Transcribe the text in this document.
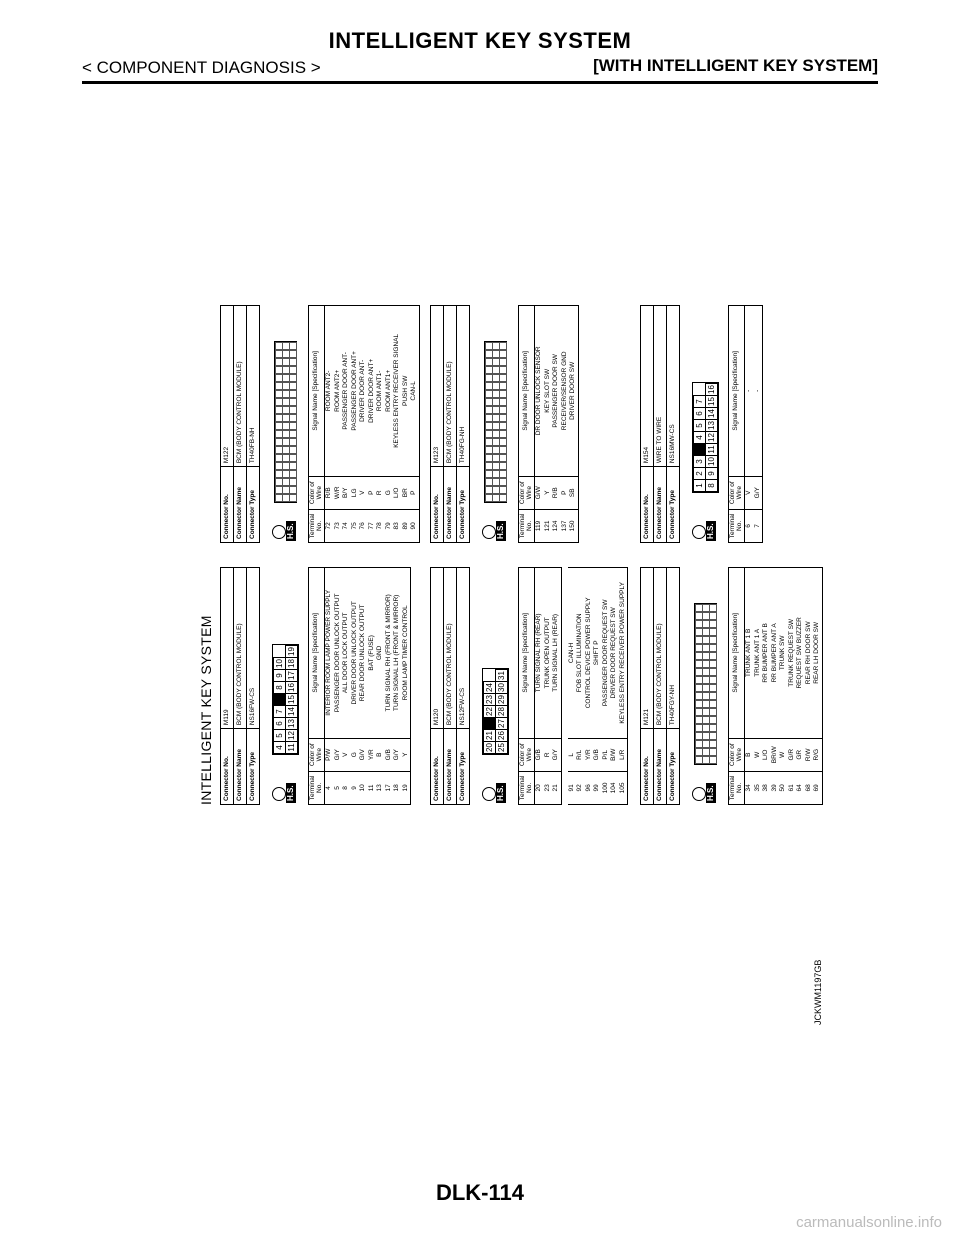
INTELLIGENT KEY SYSTEM
< COMPONENT DIAGNOSIS >	[WITH INTELLIGENT KEY SYSTEM]
INTELLIGENT KEY SYSTEM Connector No.	M119
Connector Name	BCM (BODY CONTROL MODULE)
Connector Type	NS16FW-CS
H.S.
4	5	6	7		8	9	10	
11	12	13	14	15	16	17	18	19
Terminal No.	Color of Wire	Signal Name [Specification]
4	P/W	INTERIOR ROOM LAMP POWER SUPPLY
5	G/Y	PASSENGER DOOR UNLOCK OUTPUT
8	V	ALL DOOR LOCK OUTPUT
9	G	DRIVER DOOR UNLOCK OUTPUT
10	G/V	REAR DOOR UNLOCK OUTPUT
11	Y/R	BAT (FUSE)
13	B	GND
17	G/B	TURN SIGNAL RH (FRONT & MIRROR)
18	G/Y	TURN SIGNAL LH (FRONT & MIRROR)
19	Y	ROOM LAMP TIMER CONTROL
Connector No.	M122
Connector Name	BCM (BODY CONTROL MODULE)
Connector Type	TH40FB-NH
H.S. Terminal No.	Color of Wire	Signal Name [Specification]
72	R/B	ROOM ANT2-
73	W/R	ROOM ANT2+
74	B/Y	PASSENGER DOOR ANT-
75	LG	PASSENGER DOOR ANT+
76	V	DRIVER DOOR ANT-
77	P	DRIVER DOOR ANT+
78	R	ROOM ANT1-
79	G	ROOM ANT1+
83	L/O	KEYLESS ENTRY RECEIVER SIGNAL
89	BR	PUSH SW
90	P	CAN-L
Connector No.	M120
Connector Name	BCM (BODY CONTROL MODULE)
Connector Type	NS12FW-CS
H.S.
20	21		22	23	24	
25	26	27	28	29	30	31
Terminal No.	Color of Wire	Signal Name [Specification]
20	G/B	TURN SIGNAL RH (REAR)
23	R	TRUNK OPEN OUTPUT
21	G/Y	TURN SIGNAL LH (REAR)
91	L	CAN-H
92	R/L	FOB SLOT ILLUMINATION
96	Y/R	CONTROL DEVICE POWER SUPPLY
99	G/B	SHIFT P
100	P/L	PASSENGER DOOR REQUEST SW
104	B/W	DRIVER DOOR REQUEST SW
105	L/R	KEYLESS ENTRY RECEIVER POWER SUPPLY
Connector No.	M123
Connector Name	BCM (BODY CONTROL MODULE)
Connector Type	TH40FG-NH
H.S. Terminal No.	Color of Wire	Signal Name [Specification]
119	G/W	DR DOOR UNLOCK SENSOR
121	Y	KEY SLOT SW
124	R/B	PASSENGER DOOR SW
137	P	RECEIVER/SENSOR GND
150	SB	DRIVER DOOR SW
Connector No.	M121
Connector Name	BCM (BODY CONTROL MODULE)
Connector Type	TH40FGY-NH
H.S. Terminal No.	Color of Wire	Signal Name [Specification]
34	B	TRUNK ANT 1 B
35	W	TRUNK ANT 1 A
38	L/O	RR BUMPER ANT B
39	BR/W	RR BUMPER ANT A
50	W	TRUNK SW
61	G/R	TRUNK REQUEST SW
64	GR	REQUEST SW BUZZER
68	R/W	REAR RH DOOR SW
69	R/G	REAR LH DOOR SW
Connector No.	M154
Connector Name	WIRE TO WIRE
Connector Type	NS16MW-CS
H.S.
1	2	3		4	5	6	7	
8	9	10	11	12	13	14	15	16
Terminal No.	Color of Wire	Signal Name [Specification]
6	V	-
7	G/Y	-
JCKWM1197GB
DLK-114
carmanualsonline.info
